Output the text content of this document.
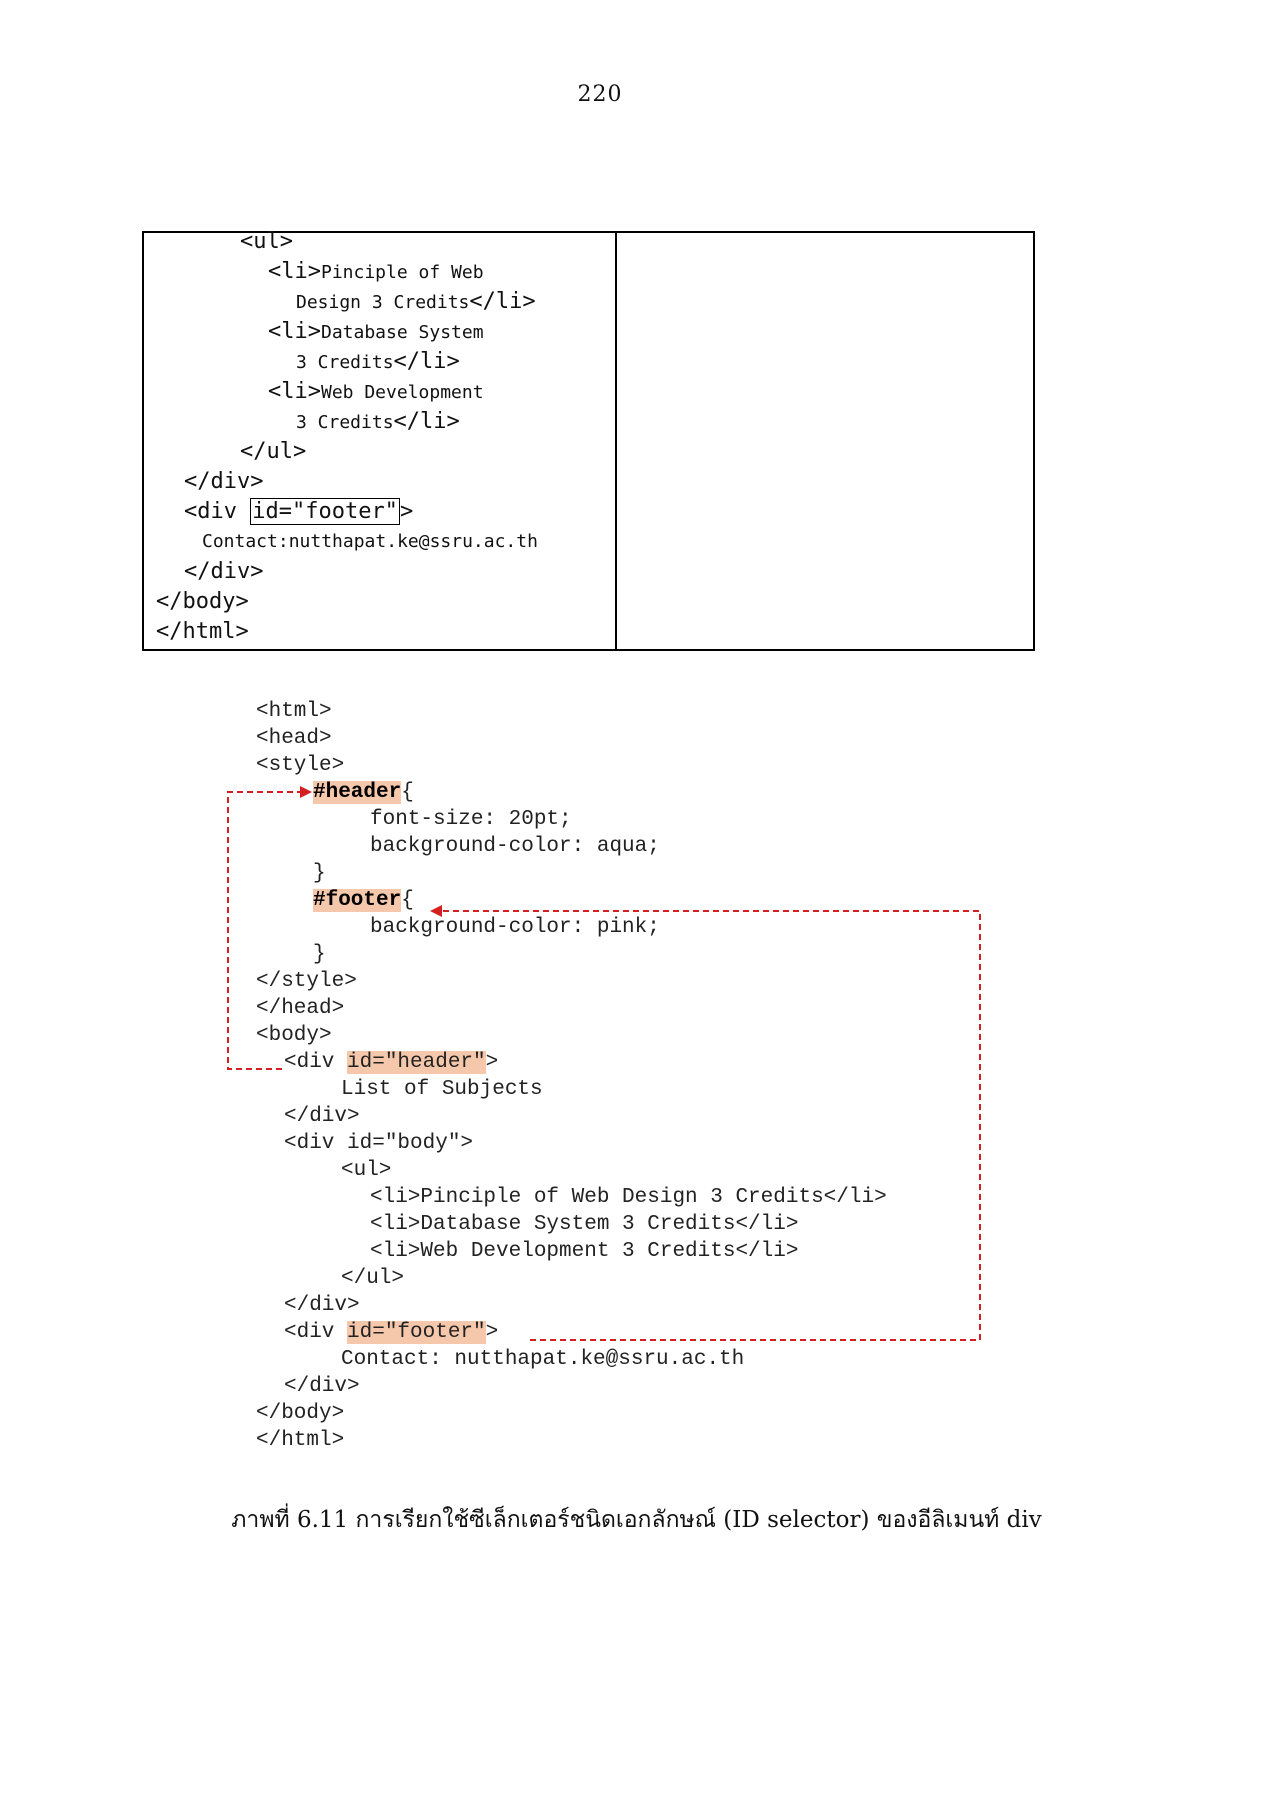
220
<ul>
<li>Pinciple of Web
Design 3 Credits</li>
<li>Database System
3 Credits</li>
<li>Web Development
3 Credits</li>
</ul>
</div>
<div id="footer">
Contact:nutthapat.ke@ssru.ac.th
</div>
</body>
</html>
<html>
<head>
<style>
#header{
font-size: 20pt;
background-color: aqua;
}
#footer{
background-color: pink;
}
</style>
</head>
<body>
<div id="header">
List of Subjects
</div>
<div id="body">
<ul>
<li>Pinciple of Web Design 3 Credits</li>
<li>Database System 3 Credits</li>
<li>Web Development 3 Credits</li>
</ul>
</div>
<div id="footer">
Contact: nutthapat.ke@ssru.ac.th
</div>
</body>
</html>
ภาพที่ 6.11 การเรียกใช้ซีเล็กเตอร์ชนิดเอกลักษณ์ (ID selector) ของอีลิเมนท์ div
